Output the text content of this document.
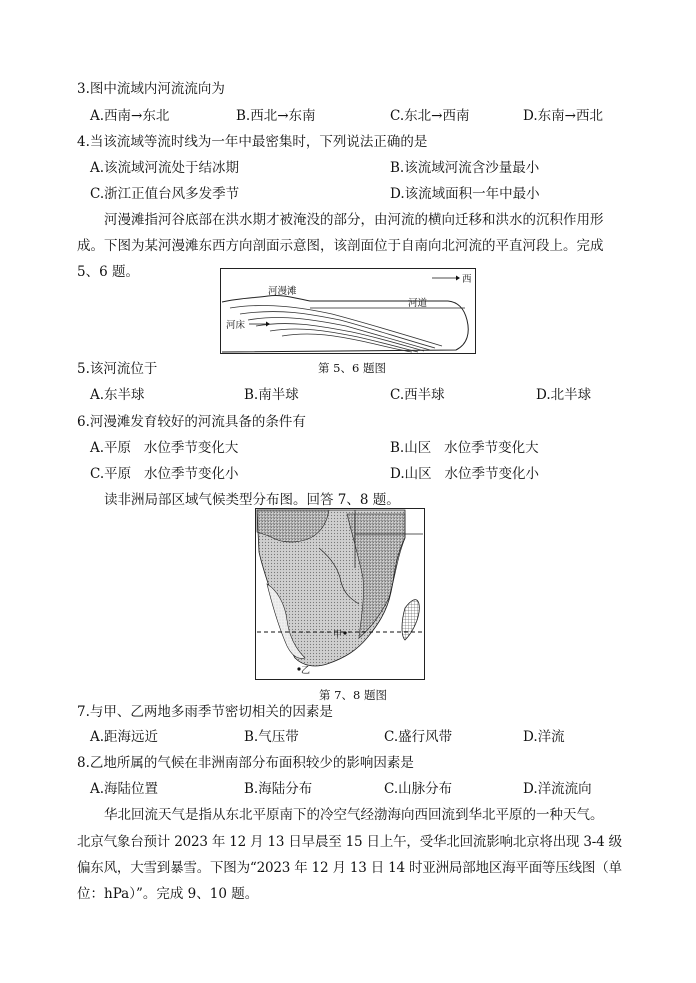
3.图中流域内河流流向为
A.西南→东北	B.西北→东南	C.东北→西南	D.东南→西北
4.当该流域等流时线为一年中最密集时，下列说法正确的是
A.该流域河流处于结冰期	B.该流域河流含沙量最小
C.浙江正值台风多发季节	D.该流域面积一年中最小
河漫滩指河谷底部在洪水期才被淹没的部分，由河流的横向迁移和洪水的沉积作用形
成。下图为某河漫滩东西方向剖面示意图，该剖面位于自南向北河流的平直河段上。完成
5、6 题。
河漫滩
河道
河床
西
第 5、6 题图
5.该河流位于
A.东半球	B.南半球	C.西半球	D.北半球
6.河漫滩发育较好的河流具备的条件有
A.平原   水位季节变化大	B.山区   水位季节变化大
C.平原   水位季节变化小	D.山区   水位季节变化小
读非洲局部区域气候类型分布图。回答 7、8 题。
甲
乙
第 7、8 题图
7.与甲、乙两地多雨季节密切相关的因素是
A.距海远近	B.气压带	C.盛行风带	D.洋流
8.乙地所属的气候在非洲南部分布面积较少的影响因素是
A.海陆位置	B.海陆分布	C.山脉分布	D.洋流流向
华北回流天气是指从东北平原南下的冷空气经渤海向西回流到华北平原的一种天气。
北京气象台预计 2023 年 12 月 13 日早晨至 15 日上午，受华北回流影响北京将出现 3-4 级
偏东风，大雪到暴雪。下图为“2023 年 12 月 13 日 14 时亚洲局部地区海平面等压线图（单
位：hPa）”。完成 9、10 题。
